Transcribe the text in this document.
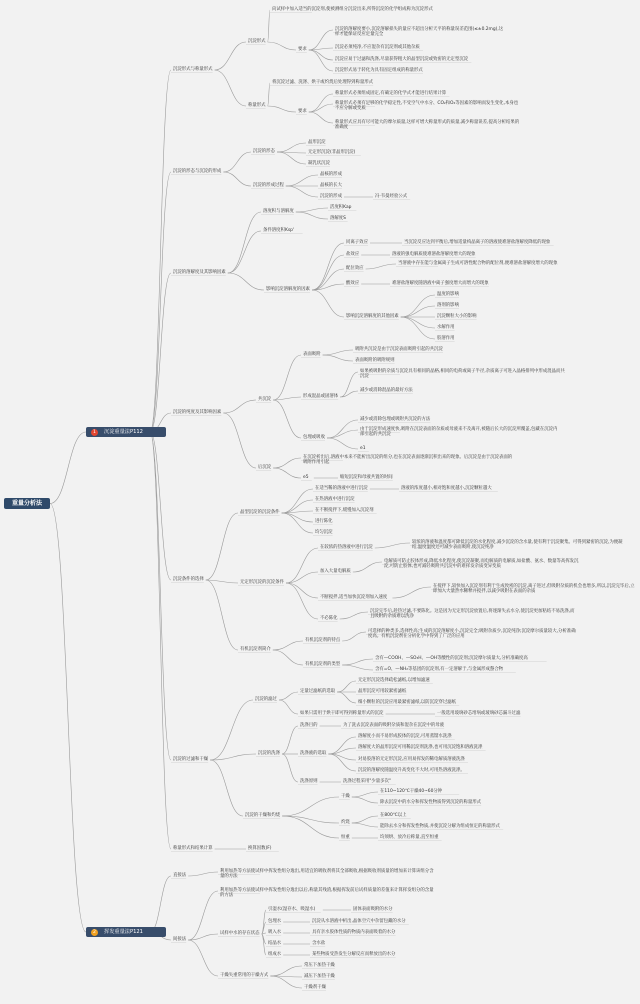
重量分析法
1	沉淀重量法P112
2	挥发重量法P121
沉淀形式与称量形式
沉淀形式
向试样中加入适当的沉淀剂,使被测组分沉淀出来,所得沉淀的化学组成称为沉淀形式
要求
沉淀的溶解度要小,沉淀溶解损失的量应不超出分析天平的称量误差范围(≤±0.2mg),这样才能保证反应定量完全
沉淀必须纯净,不应混杂有沉淀剂或其他杂质
沉淀应易于过滤和洗涤,尽量获得粗大的晶型沉淀或致密的无定型沉淀
沉淀形式易于转化为具有固定组成的称量形式
称量形式
将沉淀过滤、洗涤、烘干或灼烧后处理得到称量形式
要求
称量形式必须组成固定,有确定的化学式才能进行结果计算
称量形式必须有足够的化学稳定性,不受空气中水分、CO₂和O₂等因素的影响而发生变化,本身也不应分解或变质
称量形式应具有尽可能大的摩尔质量,这样可增大称量形式的质量,减少称量误差,提高分析结果的准确度
沉淀的形态与沉淀的形成
沉淀的形态
晶形沉淀
无定形沉淀(非晶形沉淀)
凝乳状沉淀
沉淀的形成过程
晶核的形成
晶核的长大
沉淀的形成	冯·韦曼经验公式
沉淀的溶解度及其影响因素
溶度积与溶解度
活度积Kap
溶解度S
条件溶度积Ksp'
影响沉淀溶解度的因素
同离子效应	当沉淀反应达到平衡后,增加适量构晶离子的溶液使难溶盐溶解度降低的现象
盐效应	溶液的强电解质使难溶盐溶解度增大的现象
配位效应
当溶液中存在能与金属离子生成可溶性配合物的配位剂,便难溶盐溶解度增大的现象
酸效应	难溶盐溶解度随溶液中离子强度增大而增大的现象
影响沉淀溶解度的其他因素
温度的影响
溶剂的影响
沉淀颗粒大小的影响
水解作用
胶溶作用
沉淀的纯度及其影响因素
共沉淀
表面吸附
吸附共沉淀是由于沉淀表面吸附引起的共沉淀
表面吸附的吸附规则
形成混晶或固溶体
如果被吸附的杂质与沉淀具有相同的晶格,相同的电荷或离子半径,杂质离子可进入晶格排列中形成混晶而共沉淀
减少或消除混晶的最好方法
包埋或吸收
减少或消除包埋或吸附共沉淀的方法
由于沉淀形成速度快,吸附在沉淀表面的杂质或母液来不及离开,被随后长大的沉淀所覆盖,包藏在沉淀内部引起的共沉淀
e1
后沉淀
在沉淀析出后,溶液中本来不能析出沉淀的组分,也在沉淀表面逐渐沉积出来的现象。后沉淀是由于沉淀表面的吸附作用引起
e5	缩短沉淀和母液共置的时间
沉淀条件的选择
晶型沉淀的沉淀条件
在适当稀的溶液中进行沉淀	溶液的浓度越小,相对饱和度越小,沉淀颗粒越大
在热溶液中进行沉淀
在不断搅拌下,缓慢加入沉淀剂
进行陈化
均匀沉淀
无定形沉淀的沉淀条件
在较浓的热溶液中进行沉淀
较浓的溶液和温度都可降低沉淀的水化程度,减少沉淀的含水量,使有利于沉淀聚集。可得到紧密的沉淀,为便凝结,温度温度还可减少表面吸附,使沉淀纯净
加入大量电解质
电解质可防止胶体形成,降低水化程度,使沉淀凝聚,而电解质的电解质,如盐酸、氨水、数量等高挥发沉淀,可防止胶体,也可减轻吸附共沉淀中的难挥发杂质变异变质
不断搅拌,适当加快沉淀剂加入速度
在搅拌下,较快加入沉淀剂有利于生成致密的沉淀,离子进过,但吸附杂质的机会也增多,所以,沉淀完毕后,立即加入大量热水稀释并搅拌,以减少吸附在表面的杂质
不必陈化
沉淀完毕后,趁热过滤,不要陈化。这是因为无定形沉淀放置后,将逐渐失去水分,使沉淀更加粘结不易洗涤,而且吸附的杂质难以洗净
有机沉淀剂简介
有机沉淀剂的特点
可选择的种类多,选择性高;生成的沉淀溶解度小,沉淀完全;吸附杂质少,沉淀纯净;沉淀摩尔质量较大,分析准确度高。有机沉淀剂在分析化学中得到了广泛的应用
有机沉淀剂的类型
含有—COOH、—SO₃H、—OH等酸性的沉淀剂;沉淀摩尔质量大,分析准确度高
含有=O、—NH₂等基团的沉淀剂,有一定溶解于,与金属形成螯合物
沉淀的过滤和干燥
沉淀的滤过
定量过滤纸的选取
无定形沉淀选择疏松滤纸,以增加滤速
晶形沉淀可用较紧密滤纸
细小颗粒的沉淀应用最紧密滤纸,以防沉淀穿过滤纸
如果只需用于烘干即可得到称量形式的沉淀	一般选用玻璃砂芯坩埚或玻璃砂芯漏斗过滤
沉淀的洗涤
洗涤目的	为了洗去沉淀表面的吸附杂质和混杂在沉淀中的母液
洗涤液的选取
溶解度小而不易形成胶体的沉淀,可用蒸馏水洗涤
溶解度大的晶形沉淀可用稀沉淀剂洗涤,也可用沉淀饱和溶液洗涤
对易胶溶的无定形沉淀,应用易挥发的稀电解质溶液洗涤
沉淀的溶解度随温度升高变化不大时,可用热溶液洗涤。
洗涤原则	洗涤过程采用"少量多次"
沉淀的干燥和灼烧
干燥
在110~120℃干燥40~60分钟
除去沉淀中的水分和挥发性物质得到沉淀的称量形式
灼烧
在800℃以上
能除去水分和挥发性物质,并使沉淀分解为组成恒定的称量形式
恒重	均须烘、放冷后称量,直至恒重
称量形式和结果计算	换算因数(F)
直接法
利用加热等方法使试样中挥发性组分逸出,用适宜的吸收剂将其全部吸收,根据吸收剂质量的增加来计算该组分含量的方法
间接法
利用加热等方法使试样中挥发性组分逸出以后,称量其残渣,根据挥发前后试样质量的差值来计算挥发组分的含量的方法
试样中水的存在状态
引湿水(湿存水、吸湿水)	固体表面吸附的水分
包埋水	沉淀从水溶液中析出,晶体空穴中杂留包藏的水分
吸入水	具有亲水胶体性质的物质内表面吸着的水分
结晶水	含水盐
组成水	某些物质受热发生分解反应而释放出的水分
干燥失重常用的干燥方式
常压下加热干燥
减压下加热干燥
干燥剂干燥
